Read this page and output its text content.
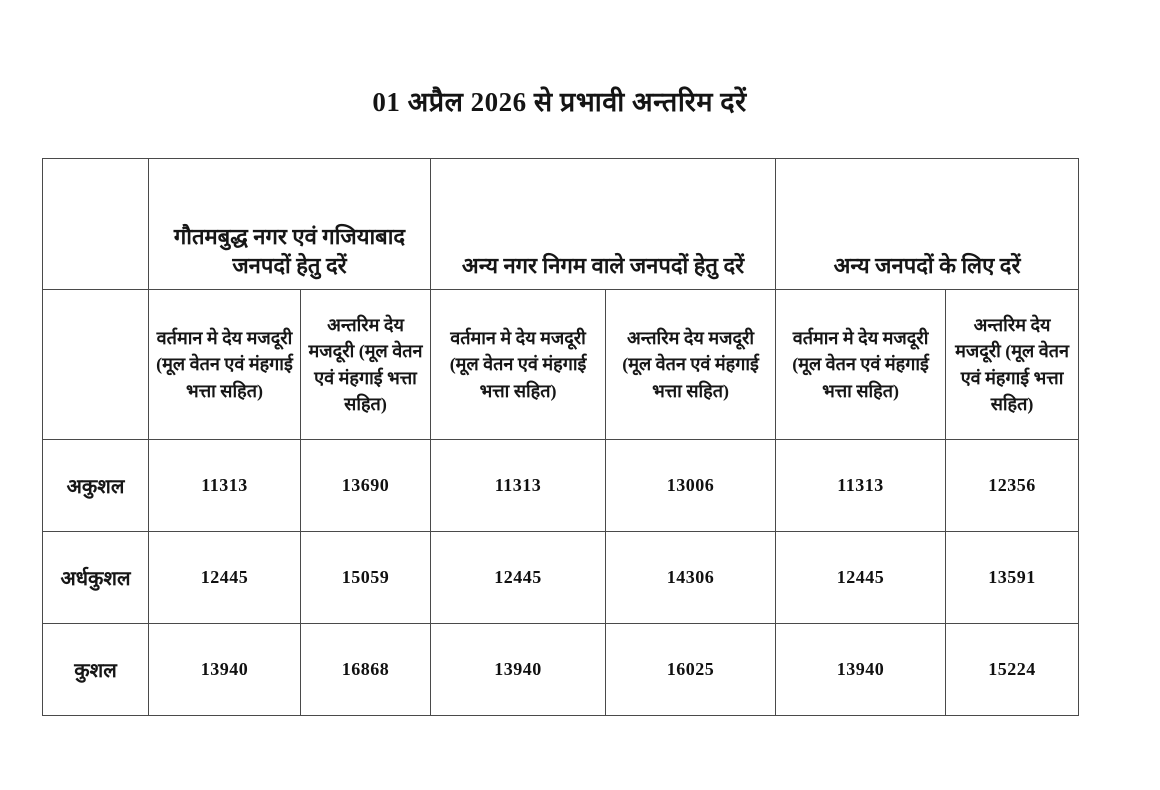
01 अप्रैल 2026 से प्रभावी अन्तरिम दरें
	गौतमबुद्ध नगर एवं गजियाबाद जनपदों हेतु दरें		अन्य नगर निगम वाले जनपदों हेतु दरें		अन्य जनपदों के लिए दरें	
	वर्तमान मे देय मजदूरी (मूल वेतन एवं मंहगाई भत्ता सहित)	अन्तरिम देय मजदूरी (मूल वेतन एवं मंहगाई भत्ता सहित)	वर्तमान मे देय मजदूरी (मूल वेतन एवं मंहगाई भत्ता सहित)	अन्तरिम देय मजदूरी (मूल वेतन एवं मंहगाई भत्ता सहित)	वर्तमान मे देय मजदूरी (मूल वेतन एवं मंहगाई भत्ता सहित)	अन्तरिम देय मजदूरी (मूल वेतन एवं मंहगाई भत्ता सहित)
अकुशल	11313	13690	11313	13006	11313	12356
अर्धकुशल	12445	15059	12445	14306	12445	13591
कुशल	13940	16868	13940	16025	13940	15224
